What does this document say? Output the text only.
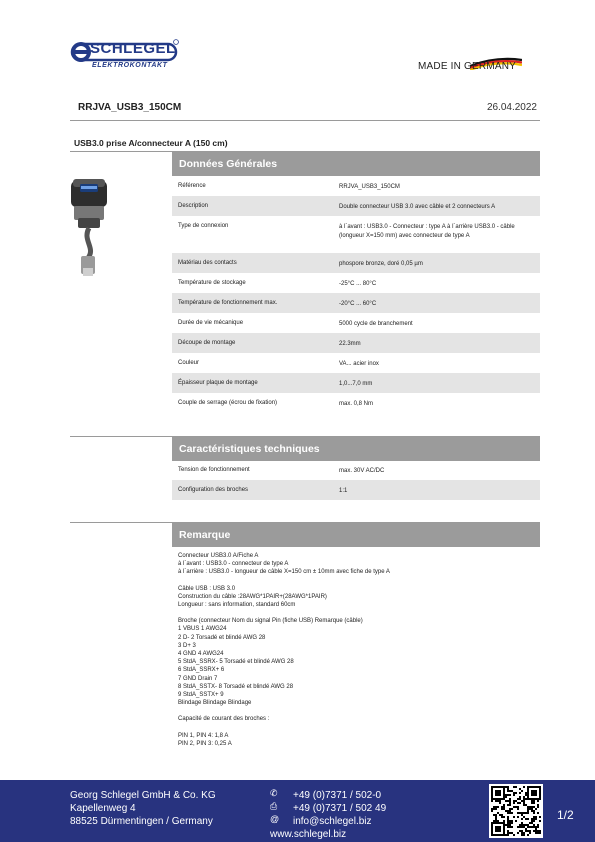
SCHLEGEL
ELEKTROKONTAKT	MADE IN GERMANY
RRJVA_USB3_150CM	26.04.2022
USB3.0 prise A/connecteur A (150 cm)
Données Générales
Référence	RRJVA_USB3_150CM
Description	Double connecteur USB 3.0 avec câble et 2 connecteurs A
Type de connexion	à l´avant : USB3.0 - Connecteur : type A à l´arrière USB3.0 - câble (longueur X=150 mm) avec connecteur de type A
Matériau des contacts	phospore bronze, doré 0,05 µm
Température de stockage	-25°C ... 80°C
Température de fonctionnement max.	-20°C ... 60°C
Durée de vie mécanique	5000 cycle de branchement
Découpe de montage	22.3mm
Couleur	VA... acier inox
Épaisseur plaque de montage	1,0...7,0 mm
Couple de serrage (écrou de fixation)	max. 0,8 Nm
Caractéristiques techniques
Tension de fonctionnement	max. 30V AC/DC
Configuration des broches	1:1
Remarque
Connecteur USB3.0 A/Fiche A
à l´avant : USB3.0 - connecteur de type A
à l´arrière : USB3.0 - longueur de câble X=150 cm ± 10mm avec fiche de type A
Câble USB : USB 3.0
Construction du câble :28AWG*1PAIR+(28AWG*1PAIR)
Longueur : sans information, standard 60cm
Broche (connecteur Nom du signal Pin (fiche USB) Remarque (câble)
1 VBUS 1 AWG24
2 D- 2 Torsadé et blindé AWG 28
3 D+ 3
4 GND 4 AWG24
5 StdA_SSRX- 5 Torsadé et blindé AWG 28
6 StdA_SSRX+ 6
7 GND Drain 7
8 StdA_SSTX- 8 Torsadé et blindé AWG 28
9 StdA_SSTX+ 9
Blindage Blindage Blindage
Capacité de courant des broches :
PIN 1, PIN 4: 1,8 A
PIN 2, PIN 3: 0,25 A
Georg Schlegel GmbH & Co. KG
Kapellenweg 4
88525 Dürmentingen / Germany
✆
⎙
@
+49 (0)7371 / 502-0
+49 (0)7371 / 502 49
info@schlegel.biz
www.schlegel.biz
1/2
